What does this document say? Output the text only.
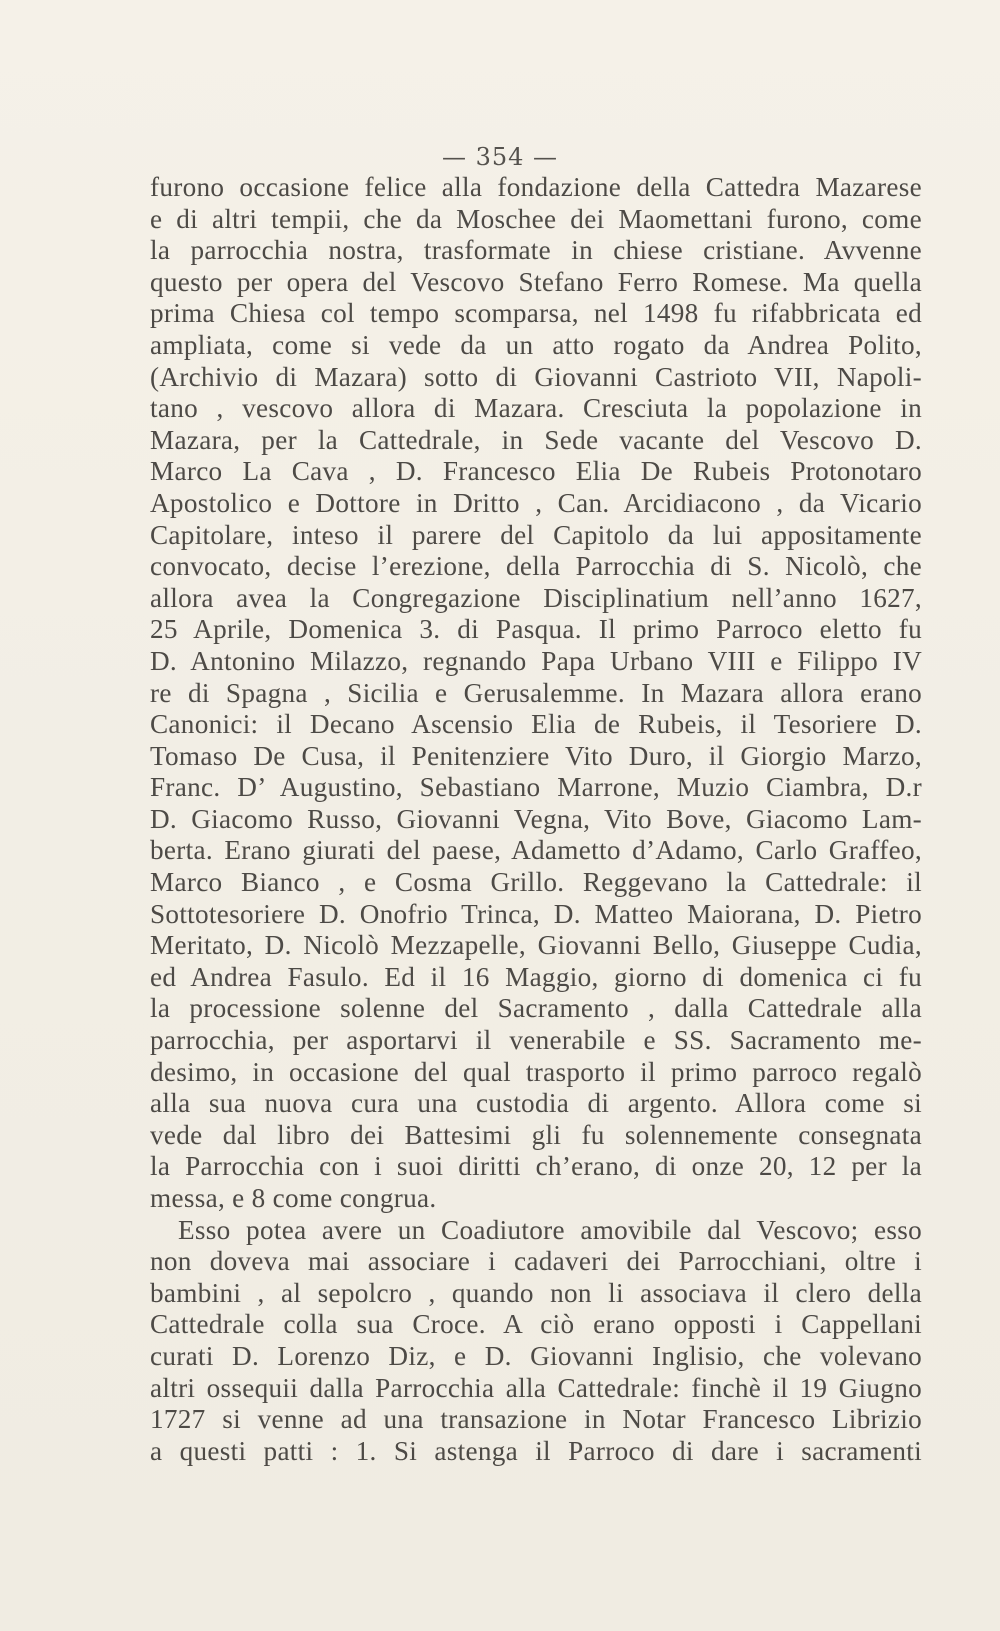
— 354 —
furono occasione felice alla fondazione della Cattedra Mazarese
e di altri tempii, che da Moschee dei Maomettani furono, come
la parrocchia nostra, trasformate in chiese cristiane. Avvenne
questo per opera del Vescovo Stefano Ferro Romese. Ma quella
prima Chiesa col tempo scomparsa, nel 1498 fu rifabbricata ed
ampliata, come si vede da un atto rogato da Andrea Polito,
(Archivio di Mazara) sotto di Giovanni Castrioto VII, Napoli-
tano , vescovo allora di Mazara. Cresciuta la popolazione in
Mazara, per la Cattedrale, in Sede vacante del Vescovo D.
Marco La Cava , D. Francesco Elia De Rubeis Protonotaro
Apostolico e Dottore in Dritto , Can. Arcidiacono , da Vicario
Capitolare, inteso il parere del Capitolo da lui appositamente
convocato, decise l’erezione, della Parrocchia di S. Nicolò, che
allora avea la Congregazione Disciplinatium nell’anno 1627,
25 Aprile, Domenica 3. di Pasqua. Il primo Parroco eletto fu
D. Antonino Milazzo, regnando Papa Urbano VIII e Filippo IV
re di Spagna , Sicilia e Gerusalemme. In Mazara allora erano
Canonici: il Decano Ascensio Elia de Rubeis, il Tesoriere D.
Tomaso De Cusa, il Penitenziere Vito Duro, il Giorgio Marzo,
Franc. D’ Augustino, Sebastiano Marrone, Muzio Ciambra, D.r
D. Giacomo Russo, Giovanni Vegna, Vito Bove, Giacomo Lam-
berta. Erano giurati del paese, Adametto d’Adamo, Carlo Graffeo,
Marco Bianco , e Cosma Grillo. Reggevano la Cattedrale: il
Sottotesoriere D. Onofrio Trinca, D. Matteo Maiorana, D. Pietro
Meritato, D. Nicolò Mezzapelle, Giovanni Bello, Giuseppe Cudia,
ed Andrea Fasulo. Ed il 16 Maggio, giorno di domenica ci fu
la processione solenne del Sacramento , dalla Cattedrale alla
parrocchia, per asportarvi il venerabile e SS. Sacramento me-
desimo, in occasione del qual trasporto il primo parroco regalò
alla sua nuova cura una custodia di argento. Allora come si
vede dal libro dei Battesimi gli fu solennemente consegnata
la Parrocchia con i suoi diritti ch’erano, di onze 20, 12 per la
messa, e 8 come congrua.
Esso potea avere un Coadiutore amovibile dal Vescovo; esso
non doveva mai associare i cadaveri dei Parrocchiani, oltre i
bambini , al sepolcro , quando non li associava il clero della
Cattedrale colla sua Croce. A ciò erano opposti i Cappellani
curati D. Lorenzo Diz, e D. Giovanni Inglisio, che volevano
altri ossequii dalla Parrocchia alla Cattedrale: finchè il 19 Giugno
1727 si venne ad una transazione in Notar Francesco Librizio
a questi patti : 1. Si astenga il Parroco di dare i sacramenti
